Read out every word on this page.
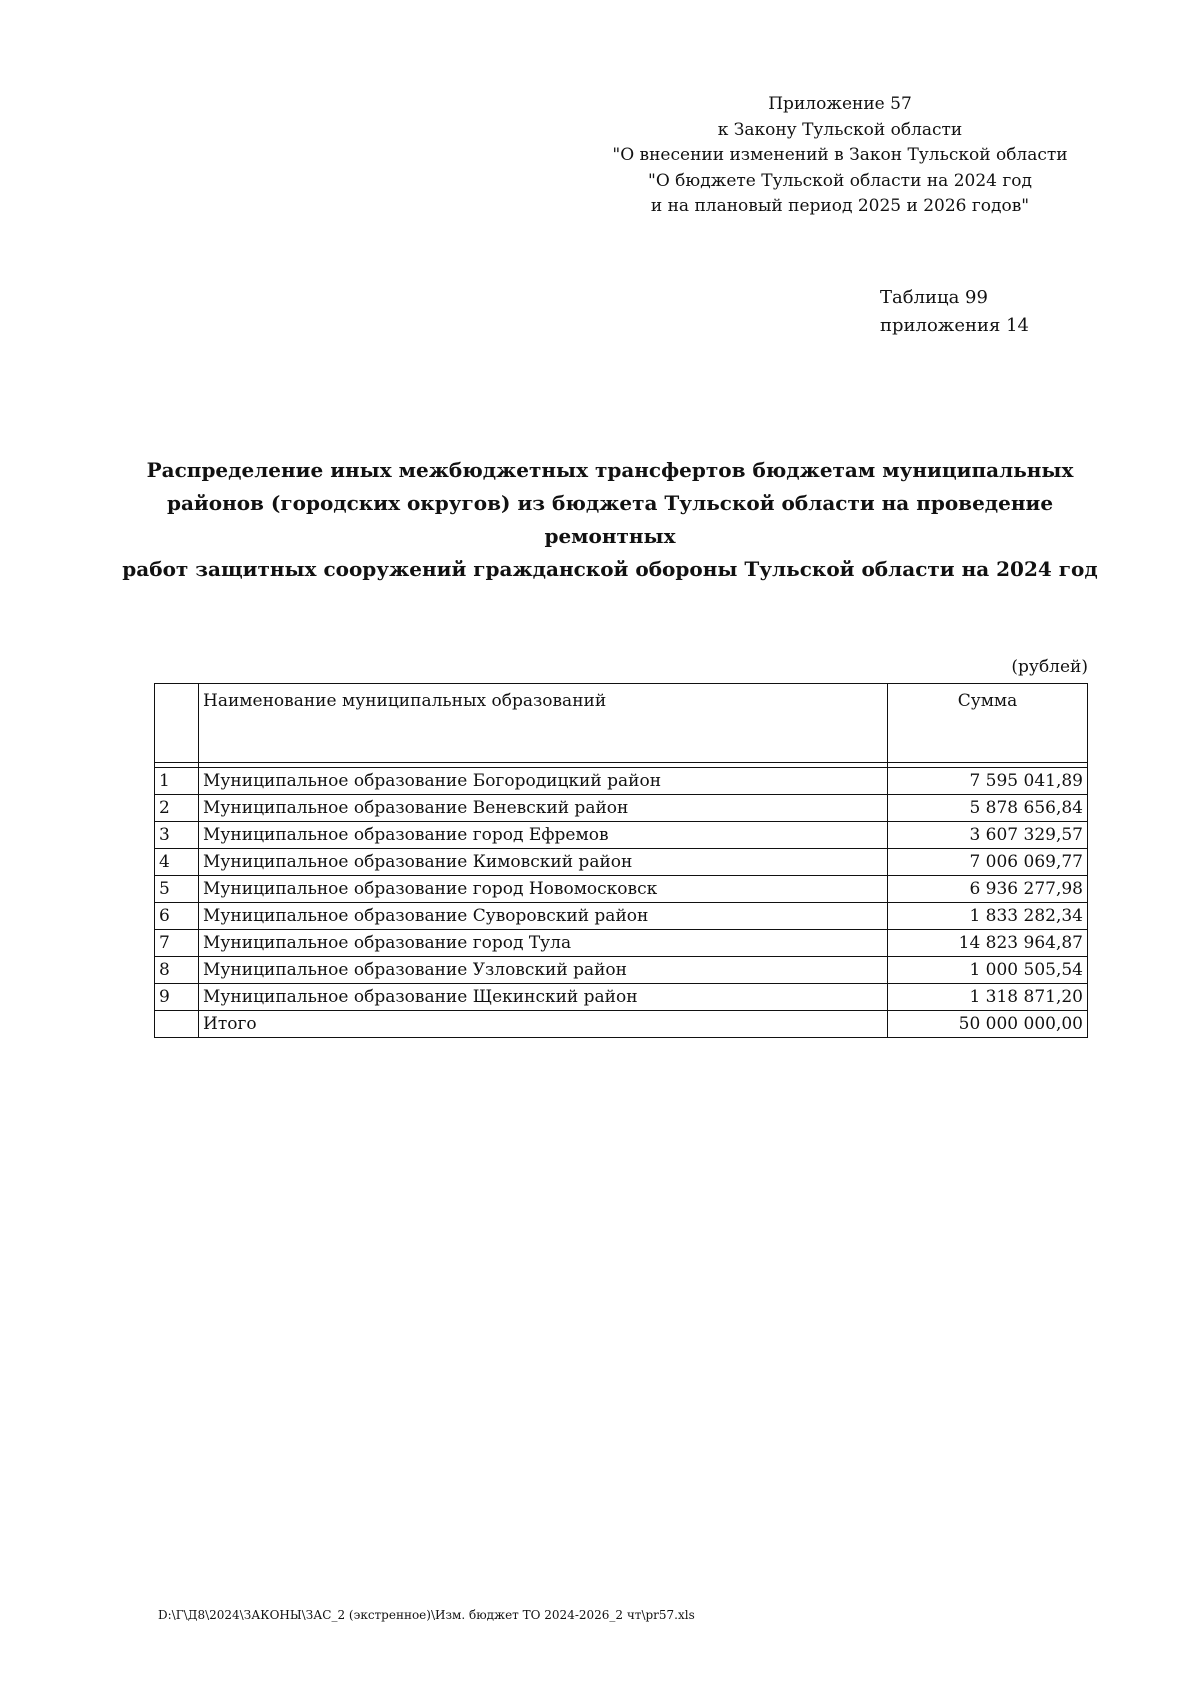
Приложение 57
к Закону Тульской области
"О внесении изменений в Закон Тульской области
"О бюджете Тульской области на 2024 год
и на плановый период 2025 и 2026 годов"
Таблица 99
приложения 14
Распределение иных межбюджетных трансфертов бюджетам муниципальных
районов (городских округов) из бюджета Тульской области на проведение ремонтных
работ защитных сооружений гражданской обороны Тульской области на 2024 год
(рублей)
	Наименование муниципальных образований	Сумма

1	Муниципальное образование Богородицкий район	7 595 041,89
2	Муниципальное образование Веневский район	5 878 656,84
3	Муниципальное образование город Ефремов	3 607 329,57
4	Муниципальное образование Кимовский район	7 006 069,77
5	Муниципальное образование город Новомосковск	6 936 277,98
6	Муниципальное образование Суворовский район	1 833 282,34
7	Муниципальное образование город Тула	14 823 964,87
8	Муниципальное образование Узловский район	1 000 505,54
9	Муниципальное образование Щекинский район	1 318 871,20
	Итого	50 000 000,00
D:\Г\Д8\2024\ЗАКОНЫ\ЗАС_2 (экстренное)\Изм. бюджет ТО 2024-2026_2 чт\pr57.xls
